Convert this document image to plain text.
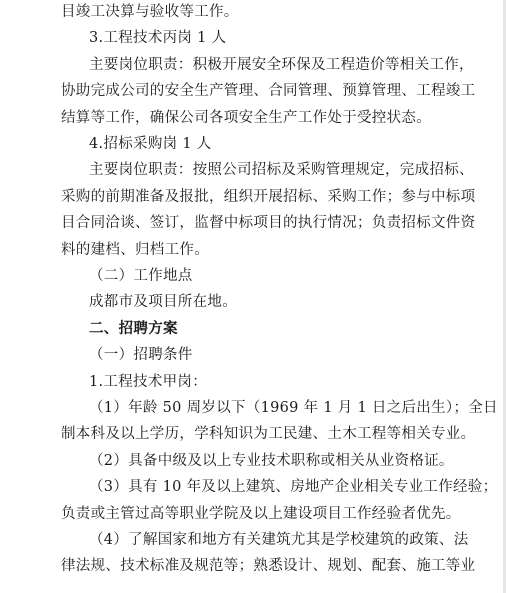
目竣工决算与验收等工作。
3.工程技术丙岗 1 人
主要岗位职责：积极开展安全环保及工程造价等相关工作，
协助完成公司的安全生产管理、合同管理、预算管理、工程竣工
结算等工作，确保公司各项安全生产工作处于受控状态。
4.招标采购岗 1 人
主要岗位职责：按照公司招标及采购管理规定，完成招标、
采购的前期准备及报批，组织开展招标、采购工作；参与中标项
目合同洽谈、签订，监督中标项目的执行情况；负责招标文件资
料的建档、归档工作。
（二）工作地点
成都市及项目所在地。
二、招聘方案
（一）招聘条件
1.工程技术甲岗：
（1）年龄 50 周岁以下（1969 年 1 月 1 日之后出生）；全日
制本科及以上学历，学科知识为工民建、土木工程等相关专业。
（2）具备中级及以上专业技术职称或相关从业资格证。
（3）具有 10 年及以上建筑、房地产企业相关专业工作经验；
负责或主管过高等职业学院及以上建设项目工作经验者优先。
（4）了解国家和地方有关建筑尤其是学校建筑的政策、法
律法规、技术标准及规范等；熟悉设计、规划、配套、施工等业
